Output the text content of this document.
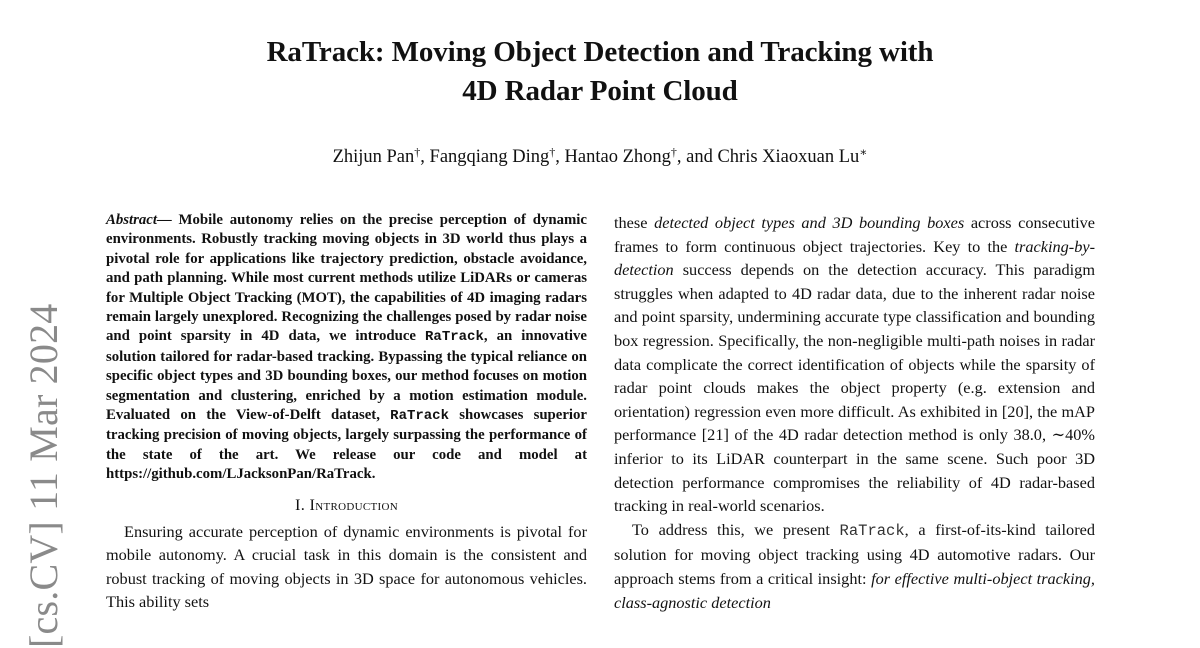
[cs.CV] 11 Mar 2024
RaTrack: Moving Object Detection and Tracking with
4D Radar Point Cloud
Zhijun Pan†, Fangqiang Ding†, Hantao Zhong†, and Chris Xiaoxuan Lu∗

Abstract— Mobile autonomy relies on the precise perception of dynamic environments. Robustly tracking moving objects in 3D world thus plays a pivotal role for applications like trajectory prediction, obstacle avoidance, and path planning. While most current methods utilize LiDARs or cameras for Multiple Object Tracking (MOT), the capabilities of 4D imaging radars remain largely unexplored. Recognizing the challenges posed by radar noise and point sparsity in 4D data, we introduce RaTrack, an innovative solution tailored for radar-based tracking. Bypassing the typical reliance on specific object types and 3D bounding boxes, our method focuses on motion segmentation and clustering, enriched by a motion estimation module. Evaluated on the View-of-Delft dataset, RaTrack showcases superior tracking precision of moving objects, largely surpassing the performance of the state of the art. We release our code and model at https://github.com/LJacksonPan/RaTrack.

I. Introduction

Ensuring accurate perception of dynamic environments is pivotal for mobile autonomy. A crucial task in this domain is the consistent and robust tracking of moving objects in 3D space for autonomous vehicles. This ability sets

these detected object types and 3D bounding boxes across consecutive frames to form continuous object trajectories. Key to the tracking-by-detection success depends on the detection accuracy. This paradigm struggles when adapted to 4D radar data, due to the inherent radar noise and point sparsity, undermining accurate type classification and bounding box regression. Specifically, the non-negligible multi-path noises in radar data complicate the correct identification of objects while the sparsity of radar point clouds makes the object property (e.g. extension and orientation) regression even more difficult. As exhibited in [20], the mAP performance [21] of the 4D radar detection method is only 38.0, ∼40% inferior to its LiDAR counterpart in the same scene. Such poor 3D detection performance compromises the reliability of 4D radar-based tracking in real-world scenarios.

To address this, we present RaTrack, a first-of-its-kind tailored solution for moving object tracking using 4D automotive radars. Our approach stems from a critical insight: for effective multi-object tracking, class-agnostic detection
